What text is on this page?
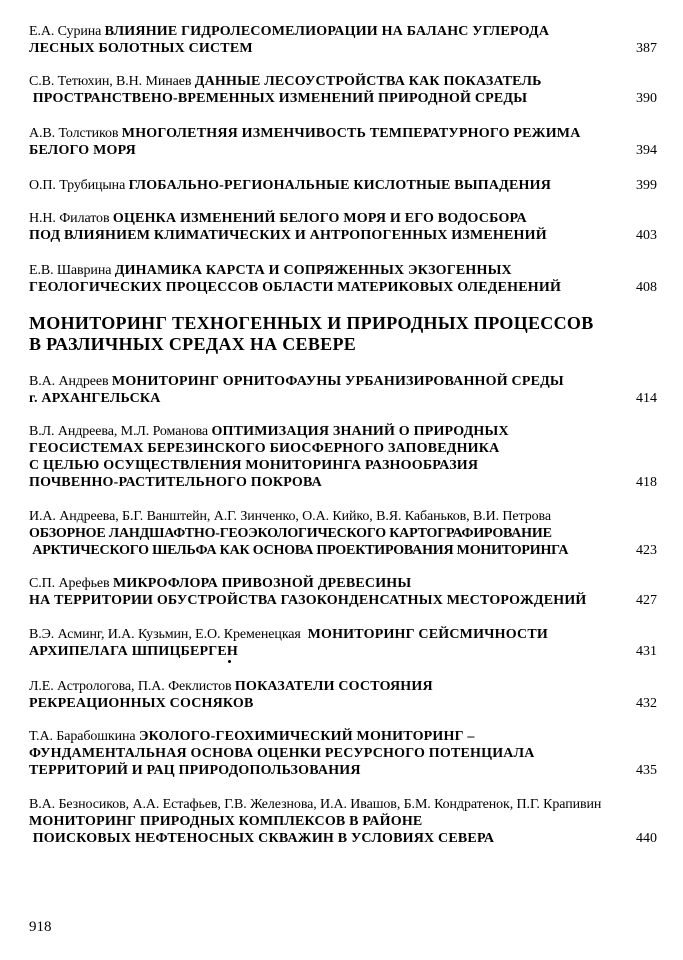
Е.А. Сурина ВЛИЯНИЕ ГИДРОЛЕСОМЕЛИОРАЦИИ НА БАЛАНС УГЛЕРОДА
ЛЕСНЫХ БОЛОТНЫХ СИСТЕМ	387
С.В. Тетюхин, В.Н. Минаев ДАННЫЕ ЛЕСОУСТРОЙСТВА КАК ПОКАЗАТЕЛЬ
ПРОСТРАНСТВЕНО-ВРЕМЕННЫХ ИЗМЕНЕНИЙ ПРИРОДНОЙ СРЕДЫ	390
А.В. Толстиков МНОГОЛЕТНЯЯ ИЗМЕНЧИВОСТЬ ТЕМПЕРАТУРНОГО РЕЖИМА
БЕЛОГО МОРЯ	394
О.П. Трубицына ГЛОБАЛЬНО-РЕГИОНАЛЬНЫЕ КИСЛОТНЫЕ ВЫПАДЕНИЯ	399
Н.Н. Филатов ОЦЕНКА ИЗМЕНЕНИЙ БЕЛОГО МОРЯ И ЕГО ВОДОСБОРА
ПОД ВЛИЯНИЕМ КЛИМАТИЧЕСКИХ И АНТРОПОГЕННЫХ ИЗМЕНЕНИЙ	403
Е.В. Шаврина ДИНАМИКА КАРСТА И СОПРЯЖЕННЫХ ЭКЗОГЕННЫХ
ГЕОЛОГИЧЕСКИХ ПРОЦЕССОВ ОБЛАСТИ МАТЕРИКОВЫХ ОЛЕДЕНЕНИЙ	408
МОНИТОРИНГ ТЕХНОГЕННЫХ И ПРИРОДНЫХ ПРОЦЕССОВ
В РАЗЛИЧНЫХ СРЕДАХ НА СЕВЕРЕ
В.А. Андреев МОНИТОРИНГ ОРНИТОФАУНЫ УРБАНИЗИРОВАННОЙ СРЕДЫ
г. АРХАНГЕЛЬСКА	414
В.Л. Андреева, М.Л. Романова ОПТИМИЗАЦИЯ ЗНАНИЙ О ПРИРОДНЫХ
ГЕОСИСТЕМАХ БЕРЕЗИНСКОГО БИОСФЕРНОГО ЗАПОВЕДНИКА
С ЦЕЛЬЮ ОСУЩЕСТВЛЕНИЯ МОНИТОРИНГА РАЗНООБРАЗИЯ
ПОЧВЕННО-РАСТИТЕЛЬНОГО ПОКРОВА	418
И.А. Андреева, Б.Г. Ванштейн, А.Г. Зинченко, О.А. Кийко, В.Я. Кабаньков, В.И. Петрова
ОБЗОРНОЕ ЛАНДШАФТНО-ГЕОЭКОЛОГИЧЕСКОГО КАРТОГРАФИРОВАНИЕ
АРКТИЧЕСКОГО ШЕЛЬФА КАК ОСНОВА ПРОЕКТИРОВАНИЯ МОНИТОРИНГА	423
С.П. Арефьев МИКРОФЛОРА ПРИВОЗНОЙ ДРЕВЕСИНЫ
НА ТЕРРИТОРИИ ОБУСТРОЙСТВА ГАЗОКОНДЕНСАТНЫХ МЕСТОРОЖДЕНИЙ	427
В.Э. Асминг, И.А. Кузьмин, Е.О. Кременецкая  МОНИТОРИНГ СЕЙСМИЧНОСТИ
АРХИПЕЛАГА ШПИЦБЕРГЕН	431
Л.Е. Астрологова, П.А. Феклистов ПОКАЗАТЕЛИ СОСТОЯНИЯ
РЕКРЕАЦИОННЫХ СОСНЯКОВ	432
Т.А. Барабошкина ЭКОЛОГО-ГЕОХИМИЧЕСКИЙ МОНИТОРИНГ –
ФУНДАМЕНТАЛЬНАЯ ОСНОВА ОЦЕНКИ РЕСУРСНОГО ПОТЕНЦИАЛА
ТЕРРИТОРИЙ И РАЦ ПРИРОДОПОЛЬЗОВАНИЯ	435
В.А. Безносиков, А.А. Естафьев, Г.В. Железнова, И.А. Ивашов, Б.М. Кондратенок, П.Г. Крапивин
МОНИТОРИНГ ПРИРОДНЫХ КОМПЛЕКСОВ В РАЙОНЕ
ПОИСКОВЫХ НЕФТЕНОСНЫХ СКВАЖИН В УСЛОВИЯХ СЕВЕРА	440
918
